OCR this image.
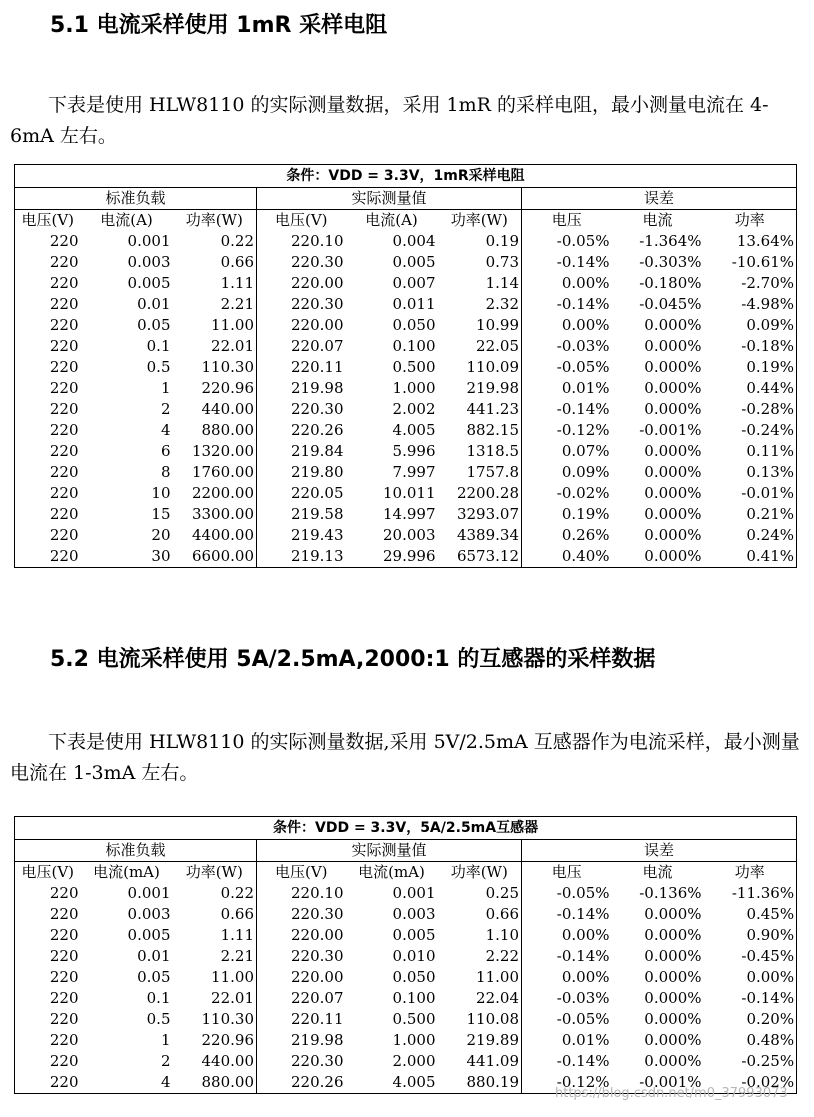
5.1 电流采样使用 1mR 采样电阻

下表是使用 HLW8110 的实际测量数据，采用 1mR 的采样电阻，最小测量电流在 4-6mA 左右。

条件：VDD = 3.3V，1mR采样电阻								
标准负载			实际测量值			误差		
电压(V)	电流(A)	功率(W)	电压(V)	电流(A)	功率(W)	电压	电流	功率
220	0.001	0.22	220.10	0.004	0.19	-0.05%	-1.364%	13.64%
220	0.003	0.66	220.30	0.005	0.73	-0.14%	-0.303%	-10.61%
220	0.005	1.11	220.00	0.007	1.14	0.00%	-0.180%	-2.70%
220	0.01	2.21	220.30	0.011	2.32	-0.14%	-0.045%	-4.98%
220	0.05	11.00	220.00	0.050	10.99	0.00%	0.000%	0.09%
220	0.1	22.01	220.07	0.100	22.05	-0.03%	0.000%	-0.18%
220	0.5	110.30	220.11	0.500	110.09	-0.05%	0.000%	0.19%
220	1	220.96	219.98	1.000	219.98	0.01%	0.000%	0.44%
220	2	440.00	220.30	2.002	441.23	-0.14%	0.000%	-0.28%
220	4	880.00	220.26	4.005	882.15	-0.12%	-0.001%	-0.24%
220	6	1320.00	219.84	5.996	1318.5	0.07%	0.000%	0.11%
220	8	1760.00	219.80	7.997	1757.8	0.09%	0.000%	0.13%
220	10	2200.00	220.05	10.011	2200.28	-0.02%	0.000%	-0.01%
220	15	3300.00	219.58	14.997	3293.07	0.19%	0.000%	0.21%
220	20	4400.00	219.43	20.003	4389.34	0.26%	0.000%	0.24%
220	30	6600.00	219.13	29.996	6573.12	0.40%	0.000%	0.41%
5.2 电流采样使用 5A/2.5mA,2000:1 的互感器的采样数据

下表是使用 HLW8110 的实际测量数据,采用 5V/2.5mA 互感器作为电流采样，最小测量电流在 1-3mA 左右。

条件：VDD = 3.3V，5A/2.5mA互感器								
标准负载			实际测量值			误差		
电压(V)	电流(mA)	功率(W)	电压(V)	电流(mA)	功率(W)	电压	电流	功率
220	0.001	0.22	220.10	0.001	0.25	-0.05%	-0.136%	-11.36%
220	0.003	0.66	220.30	0.003	0.66	-0.14%	0.000%	0.45%
220	0.005	1.11	220.00	0.005	1.10	0.00%	0.000%	0.90%
220	0.01	2.21	220.30	0.010	2.22	-0.14%	0.000%	-0.45%
220	0.05	11.00	220.00	0.050	11.00	0.00%	0.000%	0.00%
220	0.1	22.01	220.07	0.100	22.04	-0.03%	0.000%	-0.14%
220	0.5	110.30	220.11	0.500	110.08	-0.05%	0.000%	0.20%
220	1	220.96	219.98	1.000	219.89	0.01%	0.000%	0.48%
220	2	440.00	220.30	2.000	441.09	-0.14%	0.000%	-0.25%
220	4	880.00	220.26	4.005	880.19	-0.12%	-0.001%	-0.02%
https://blog.csdn.net/m0_37993073
